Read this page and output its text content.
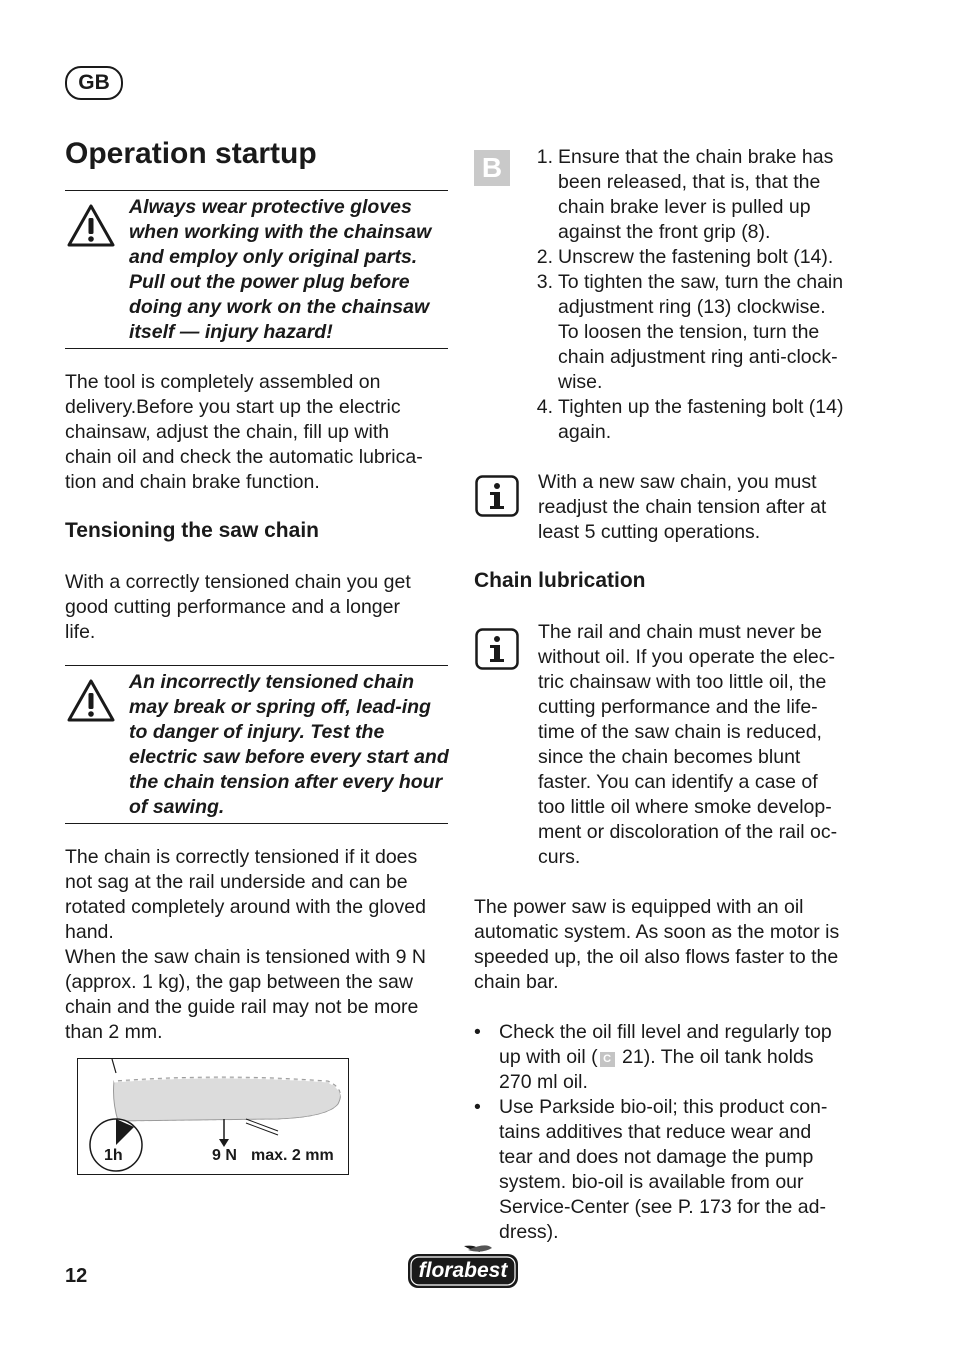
GB
Operation startup
Always wear protective gloves when working with the chainsaw and employ only original parts. Pull out the power plug before doing any work on the chainsaw itself — injury hazard!
The tool is completely assembled on
delivery.Before you start up the electric
chainsaw, adjust the chain, fill up with
chain oil and check the automatic lubrica-
tion and chain brake function.
Tensioning the saw chain
With a correctly tensioned chain you get
good cutting performance and a longer
life.
An incorrectly tensioned chain may break or spring off, lead-ing to danger of injury. Test the electric saw before every start and the chain tension after every hour of sawing.
The chain is correctly tensioned if it does
not sag at the rail underside and can be
rotated completely around with the gloved
hand.
When the saw chain is tensioned with 9 N
(approx. 1 kg), the gap between the saw
chain and the guide rail may not be more
than 2 mm.
1h	9 N max. 2 mm
B	1. Ensure that the chain brake has
been released, that is, that the
chain brake lever is pulled up
against the front grip (8).
2. Unscrew the fastening bolt (14).
3. To tighten the saw, turn the chain
adjustment ring (13) clockwise.
To loosen the tension, turn the
chain adjustment ring anti-clock-
wise.
4. Tighten up the fastening bolt (14)
again.
With a new saw chain, you must
readjust the chain tension after at
least 5 cutting operations.
Chain lubrication
The rail and chain must never be
without oil. If you operate the elec-
tric chainsaw with too little oil, the
cutting performance and the life-
time of the saw chain is reduced,
since the chain becomes blunt
faster. You can identify a case of
too little oil where smoke develop-
ment or discoloration of the rail oc-
curs.
The power saw is equipped with an oil
automatic system. As soon as the motor is
speeded up, the oil also flows faster to the
chain bar.
• Check the oil fill level and regularly top
up with oil ( C 21). The oil tank holds
270 ml oil.
• Use Parkside bio-oil; this product con-
tains additives that reduce wear and
tear and does not damage the pump
system. bio-oil is available from our
Service-Center (see P. 173 for the ad-
dress).
12	florabest
